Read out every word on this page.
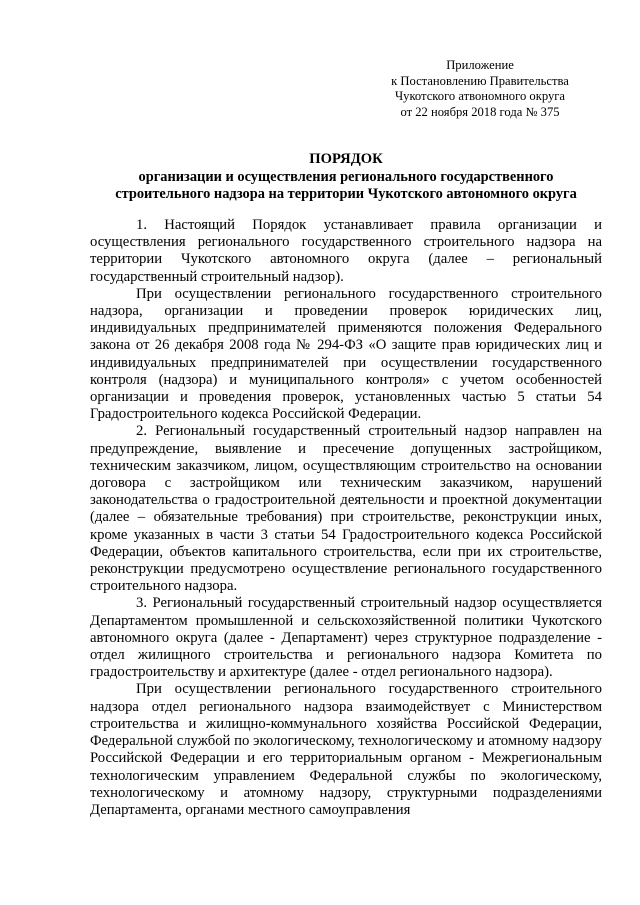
Приложение
к Постановлению Правительства
Чукотского атвономного округа
от 22 ноября 2018 года № 375
ПОРЯДОК
организации и осуществления регионального государственного
строительного надзора на территории Чукотского автономного округа

1. Настоящий Порядок устанавливает правила организации и осуществления регионального государственного строительного надзора на территории Чукотского автономного округа (далее – региональный государственный строительный надзор).

При осуществлении регионального государственного строительного надзора, организации и проведении проверок юридических лиц, индивидуальных предпринимателей применяются положения Федерального закона от 26 декабря 2008 года № 294-ФЗ «О защите прав юридических лиц и индивидуальных предпринимателей при осуществлении государственного контроля (надзора) и муниципального контроля» с учетом особенностей организации и проведения проверок, установленных частью 5 статьи 54 Градостроительного кодекса Российской Федерации.

2. Региональный государственный строительный надзор направлен на предупреждение, выявление и пресечение допущенных застройщиком, техническим заказчиком, лицом, осуществляющим строительство на основании договора с застройщиком или техническим заказчиком, нарушений законодательства о градостроительной деятельности и проектной документации (далее – обязательные требования) при строительстве, реконструкции иных, кроме указанных в части 3 статьи 54 Градостроительного кодекса Российской Федерации, объектов капитального строительства, если при их строительстве, реконструкции предусмотрено осуществление регионального государственного строительного надзора.

3. Региональный государственный строительный надзор осуществляется Департаментом промышленной и сельскохозяйственной политики Чукотского автономного округа (далее - Департамент) через структурное подразделение - отдел жилищного строительства и регионального надзора Комитета по градостроительству и архитектуре (далее - отдел регионального надзора).

При осуществлении регионального государственного строительного надзора отдел регионального надзора взаимодействует с Министерством строительства и жилищно-коммунального хозяйства Российской Федерации, Федеральной службой по экологическому, технологическому и атомному надзору Российской Федерации и его территориальным органом - Межрегиональным технологическим управлением Федеральной службы по экологическому, технологическому и атомному надзору, структурными подразделениями Департамента, органами местного самоуправления
